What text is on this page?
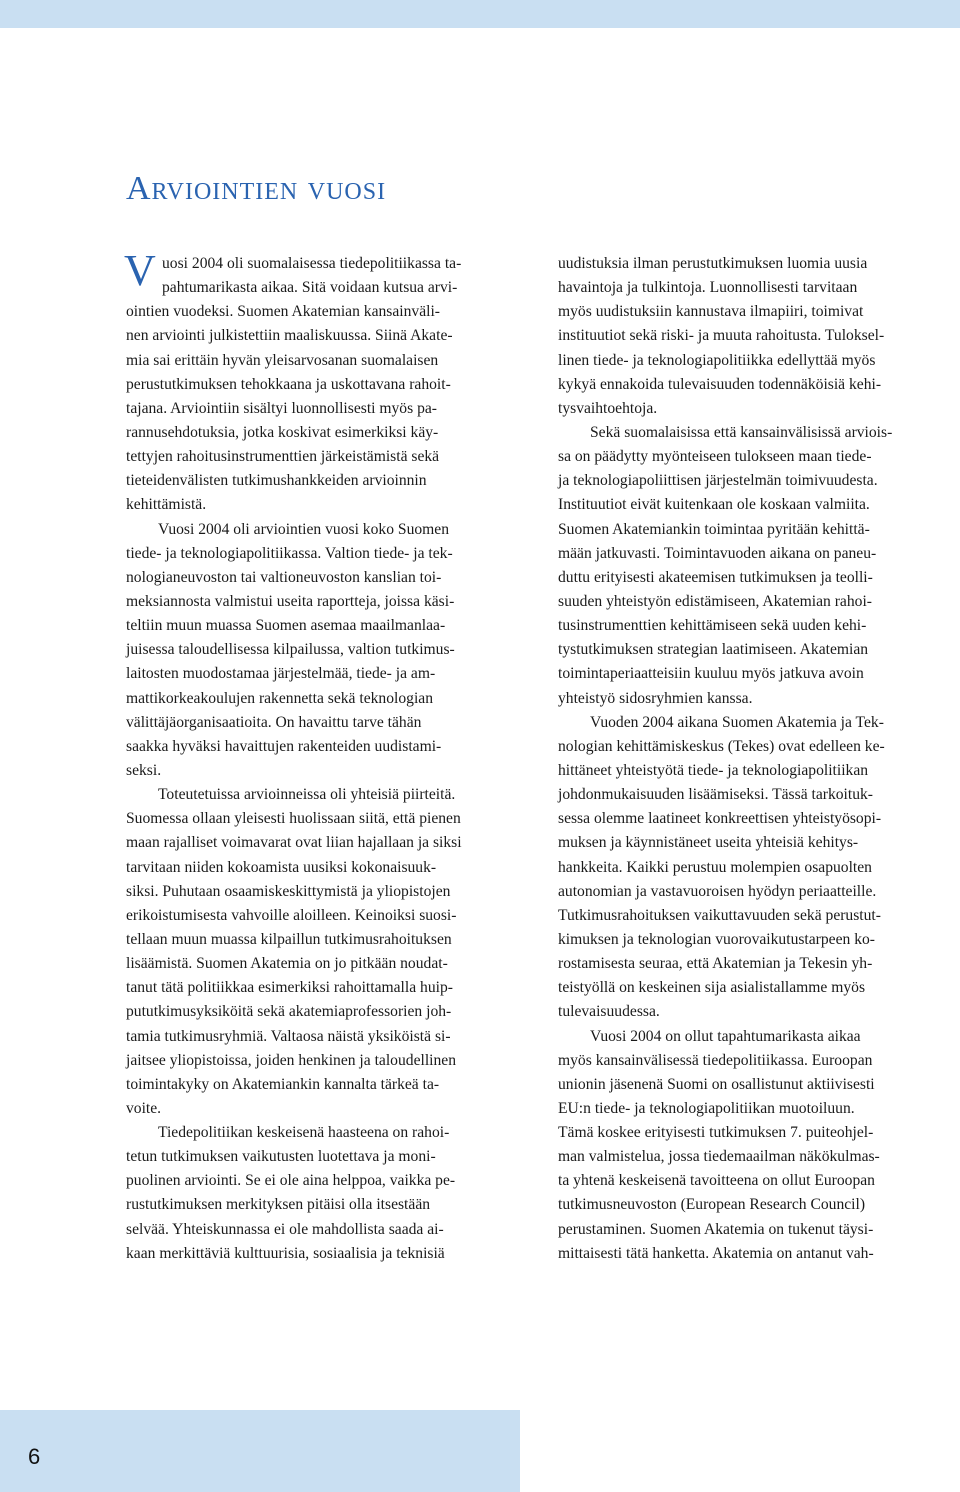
Arviointien vuosi
V uosi 2004 oli suomalaisessa tiedepolitiikassa ta-
pahtumarikasta aikaa. Sitä voidaan kutsua arvi-
ointien vuodeksi. Suomen Akatemian kansainväli-
nen arviointi julkistettiin maaliskuussa. Siinä Akate-
mia sai erittäin hyvän yleisarvosanan suomalaisen
perustutkimuksen tehokkaana ja uskottavana rahoit-
tajana. Arviointiin sisältyi luonnollisesti myös pa-
rannusehdotuksia, jotka koskivat esimerkiksi käy-
tettyjen rahoitusinstrumenttien järkeistämistä sekä
tieteidenvälisten tutkimushankkeiden arvioinnin
kehittämistä.
Vuosi 2004 oli arviointien vuosi koko Suomen
tiede- ja teknologiapolitiikassa. Valtion tiede- ja tek-
nologianeuvoston tai valtioneuvoston kanslian toi-
meksiannosta valmistui useita raportteja, joissa käsi-
teltiin muun muassa Suomen asemaa maailmanlaa-
juisessa taloudellisessa kilpailussa, valtion tutkimus-
laitosten muodostamaa järjestelmää, tiede- ja am-
mattikorkeakoulujen rakennetta sekä teknologian
välittäjäorganisaatioita. On havaittu tarve tähän
saakka hyväksi havaittujen rakenteiden uudistami-
seksi.
Toteutetuissa arvioinneissa oli yhteisiä piirteitä.
Suomessa ollaan yleisesti huolissaan siitä, että pienen
maan rajalliset voimavarat ovat liian hajallaan ja siksi
tarvitaan niiden kokoamista uusiksi kokonaisuuk-
siksi. Puhutaan osaamiskeskittymistä ja yliopistojen
erikoistumisesta vahvoille aloilleen. Keinoiksi suosi-
tellaan muun muassa kilpaillun tutkimusrahoituksen
lisäämistä. Suomen Akatemia on jo pitkään noudat-
tanut tätä politiikkaa esimerkiksi rahoittamalla huip-
pututkimusyksiköitä sekä akatemiaprofessorien joh-
tamia tutkimusryhmiä. Valtaosa näistä yksiköistä si-
jaitsee yliopistoissa, joiden henkinen ja taloudellinen
toimintakyky on Akatemiankin kannalta tärkeä ta-
voite.
Tiedepolitiikan keskeisenä haasteena on rahoi-
tetun tutkimuksen vaikutusten luotettava ja moni-
puolinen arviointi. Se ei ole aina helppoa, vaikka pe-
rustutkimuksen merkityksen pitäisi olla itsestään
selvää. Yhteiskunnassa ei ole mahdollista saada ai-
kaan merkittäviä kulttuurisia, sosiaalisia ja teknisiä
uudistuksia ilman perustutkimuksen luomia uusia
havaintoja ja tulkintoja. Luonnollisesti tarvitaan
myös uudistuksiin kannustava ilmapiiri, toimivat
instituutiot sekä riski- ja muuta rahoitusta. Tuloksel-
linen tiede- ja teknologiapolitiikka edellyttää myös
kykyä ennakoida tulevaisuuden todennäköisiä kehi-
tysvaihtoehtoja.
Sekä suomalaisissa että kansainvälisissä arviois-
sa on päädytty myönteiseen tulokseen maan tiede-
ja teknologiapoliittisen järjestelmän toimivuudesta.
Instituutiot eivät kuitenkaan ole koskaan valmiita.
Suomen Akatemiankin toimintaa pyritään kehittä-
mään jatkuvasti. Toimintavuoden aikana on paneu-
duttu erityisesti akateemisen tutkimuksen ja teolli-
suuden yhteistyön edistämiseen, Akatemian rahoi-
tusinstrumenttien kehittämiseen sekä uuden kehi-
tystutkimuksen strategian laatimiseen. Akatemian
toimintaperiaatteisiin kuuluu myös jatkuva avoin
yhteistyö sidosryhmien kanssa.
Vuoden 2004 aikana Suomen Akatemia ja Tek-
nologian kehittämiskeskus (Tekes) ovat edelleen ke-
hittäneet yhteistyötä tiede- ja teknologiapolitiikan
johdonmukaisuuden lisäämiseksi. Tässä tarkoituk-
sessa olemme laatineet konkreettisen yhteistyösopi-
muksen ja käynnistäneet useita yhteisiä kehitys-
hankkeita. Kaikki perustuu molempien osapuolten
autonomian ja vastavuoroisen hyödyn periaatteille.
Tutkimusrahoituksen vaikuttavuuden sekä perustut-
kimuksen ja teknologian vuorovaikutustarpeen ko-
rostamisesta seuraa, että Akatemian ja Tekesin yh-
teistyöllä on keskeinen sija asialistallamme myös
tulevaisuudessa.
Vuosi 2004 on ollut tapahtumarikasta aikaa
myös kansainvälisessä tiedepolitiikassa. Euroopan
unionin jäsenenä Suomi on osallistunut aktiivisesti
EU:n tiede- ja teknologiapolitiikan muotoiluun.
Tämä koskee erityisesti tutkimuksen 7. puiteohjel-
man valmistelua, jossa tiedemaailman näkökulmas-
ta yhtenä keskeisenä tavoitteena on ollut Euroopan
tutkimusneuvoston (European Research Council)
perustaminen. Suomen Akatemia on tukenut täysi-
mittaisesti tätä hanketta. Akatemia on antanut vah-
6
